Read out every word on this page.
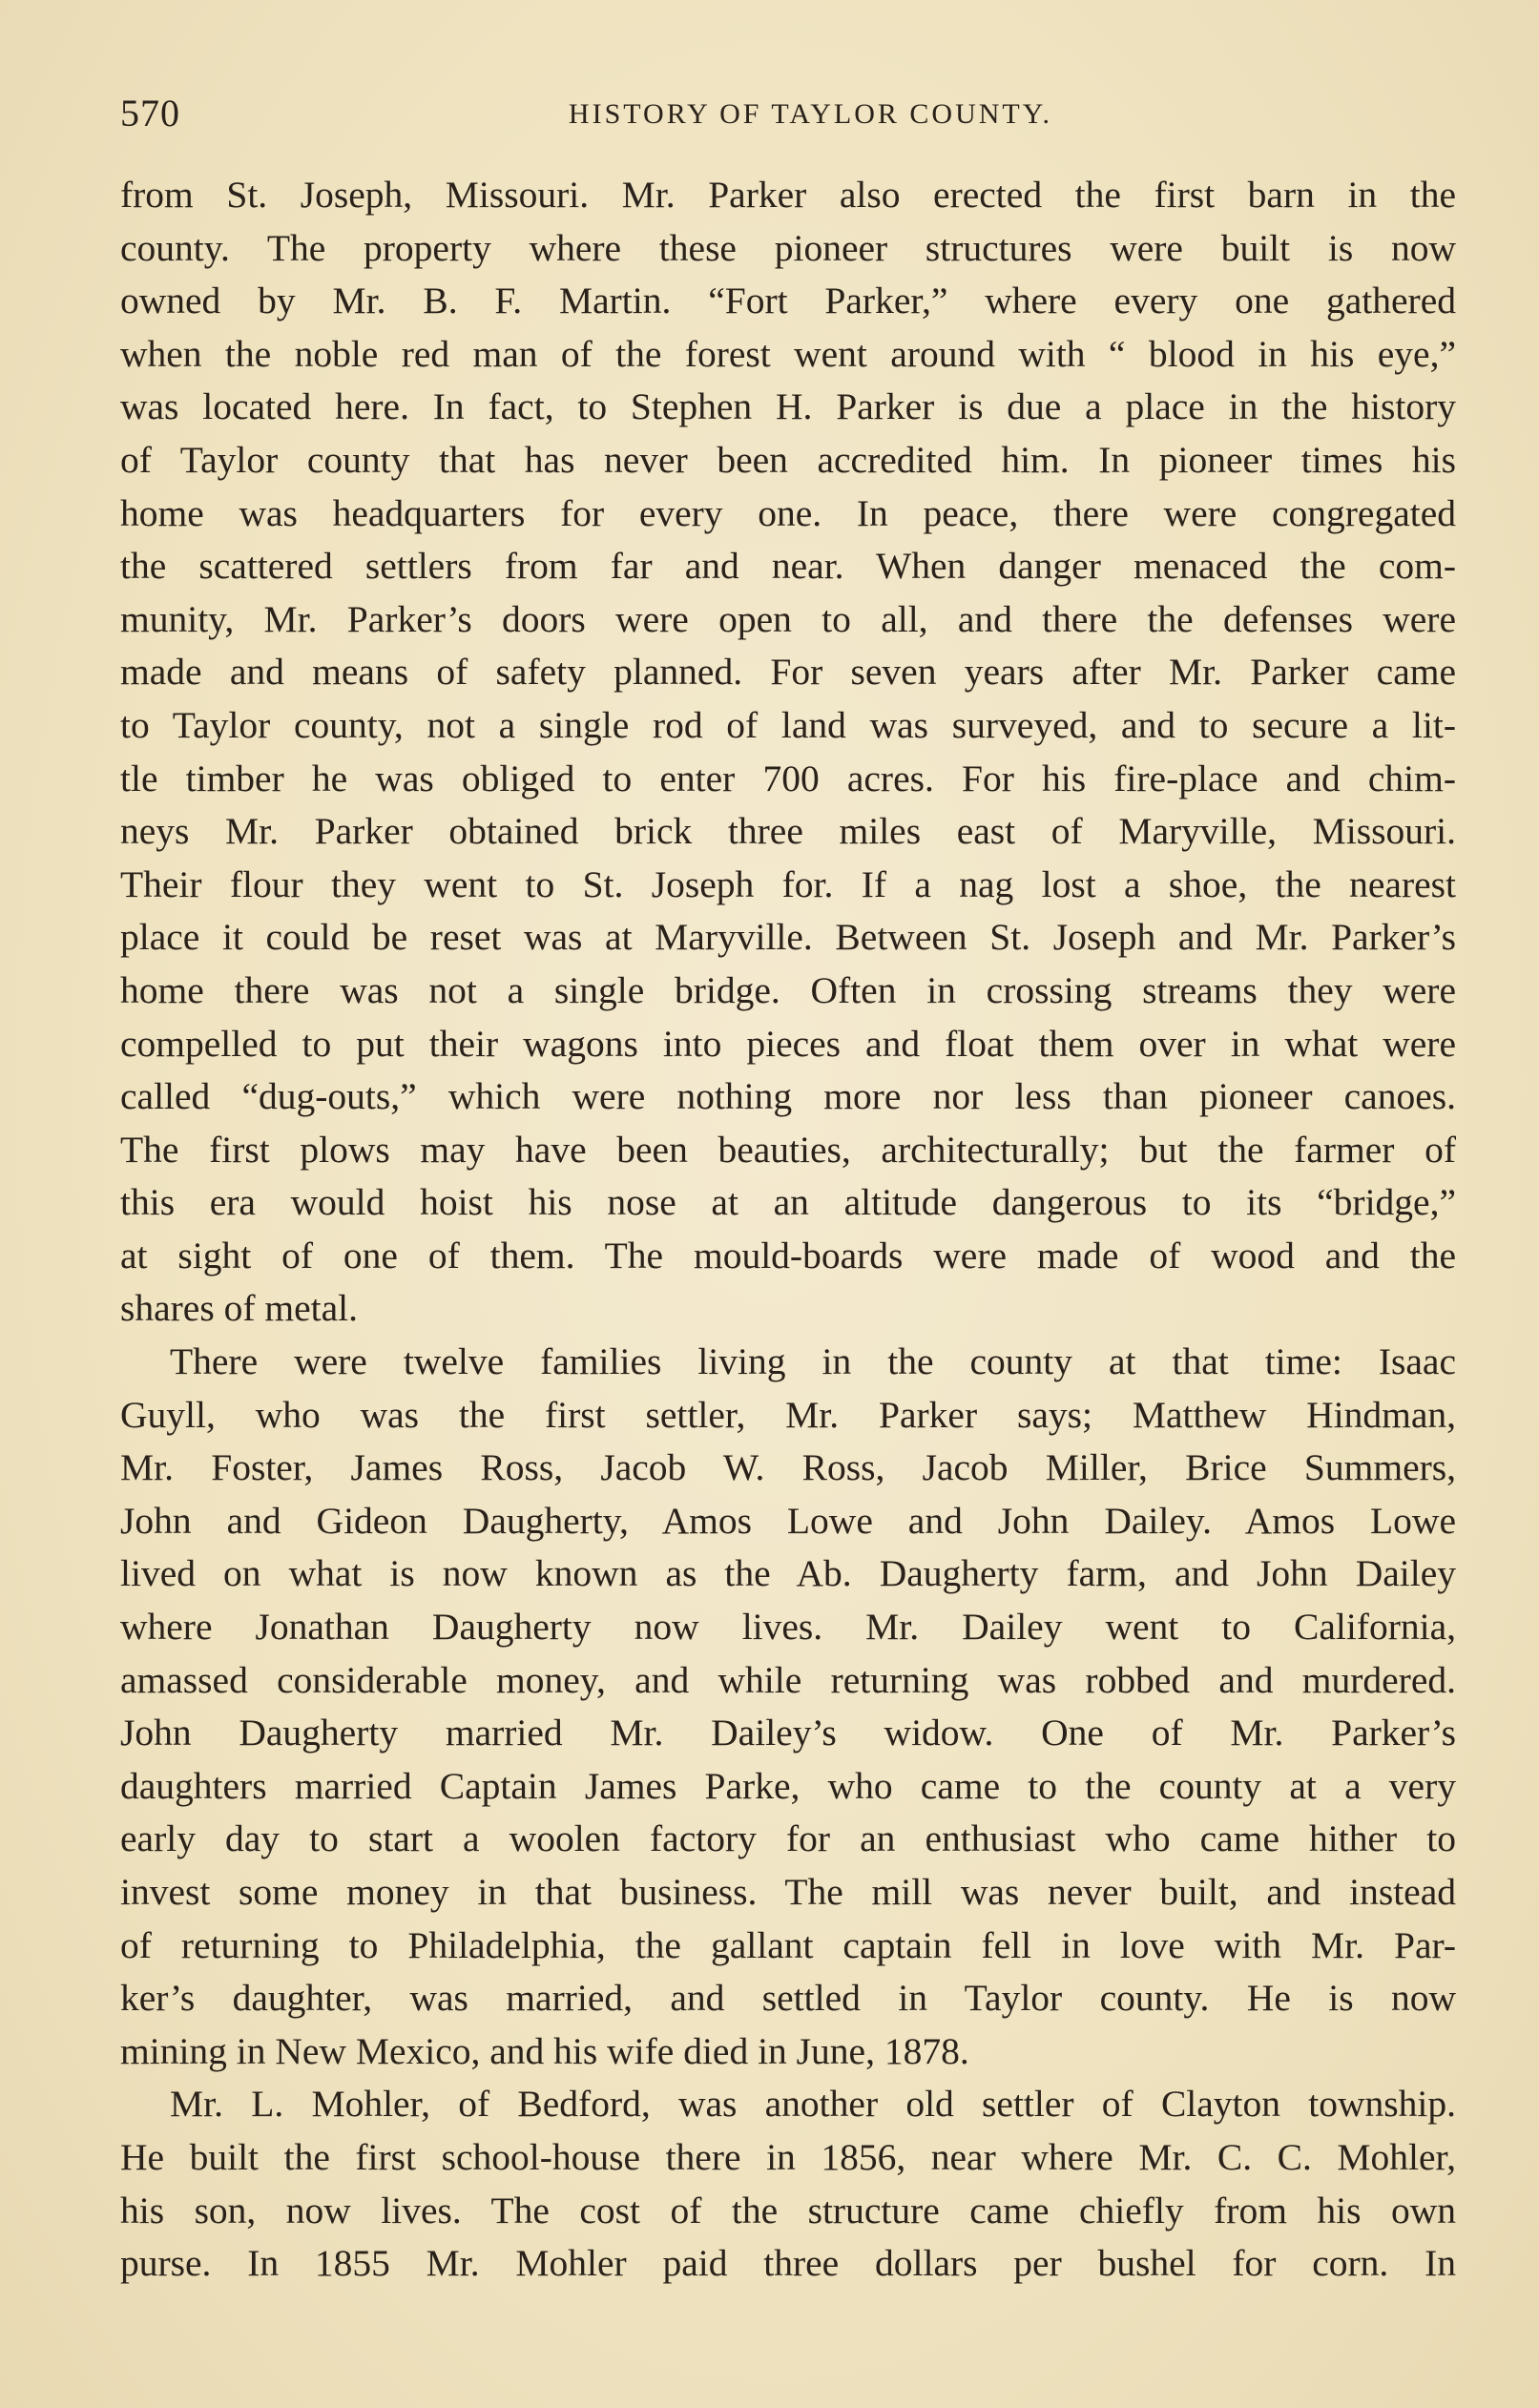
570	HISTORY OF TAYLOR COUNTY.
from St. Joseph, Missouri. Mr. Parker also erected the first barn in the
county. The property where these pioneer structures were built is now
owned by Mr. B. F. Martin. “Fort Parker,” where every one gathered
when the noble red man of the forest went around with “ blood in his eye,”
was located here. In fact, to Stephen H. Parker is due a place in the history
of Taylor county that has never been accredited him. In pioneer times his
home was headquarters for every one. In peace, there were congregated
the scattered settlers from far and near. When danger menaced the com-
munity, Mr. Parker’s doors were open to all, and there the defenses were
made and means of safety planned. For seven years after Mr. Parker came
to Taylor county, not a single rod of land was surveyed, and to secure a lit-
tle timber he was obliged to enter 700 acres. For his fire-place and chim-
neys Mr. Parker obtained brick three miles east of Maryville, Missouri.
Their flour they went to St. Joseph for. If a nag lost a shoe, the nearest
place it could be reset was at Maryville. Between St. Joseph and Mr. Parker’s
home there was not a single bridge. Often in crossing streams they were
compelled to put their wagons into pieces and float them over in what were
called “dug-outs,” which were nothing more nor less than pioneer canoes.
The first plows may have been beauties, architecturally; but the farmer of
this era would hoist his nose at an altitude dangerous to its “bridge,”
at sight of one of them. The mould-boards were made of wood and the
shares of metal.
There were twelve families living in the county at that time: Isaac
Guyll, who was the first settler, Mr. Parker says; Matthew Hindman,
Mr. Foster, James Ross, Jacob W. Ross, Jacob Miller, Brice Summers,
John and Gideon Daugherty, Amos Lowe and John Dailey. Amos Lowe
lived on what is now known as the Ab. Daugherty farm, and John Dailey
where Jonathan Daugherty now lives. Mr. Dailey went to California,
amassed considerable money, and while returning was robbed and murdered.
John Daugherty married Mr. Dailey’s widow. One of Mr. Parker’s
daughters married Captain James Parke, who came to the county at a very
early day to start a woolen factory for an enthusiast who came hither to
invest some money in that business. The mill was never built, and instead
of returning to Philadelphia, the gallant captain fell in love with Mr. Par-
ker’s daughter, was married, and settled in Taylor county. He is now
mining in New Mexico, and his wife died in June, 1878.
Mr. L. Mohler, of Bedford, was another old settler of Clayton township.
He built the first school-house there in 1856, near where Mr. C. C. Mohler,
his son, now lives. The cost of the structure came chiefly from his own
purse. In 1855 Mr. Mohler paid three dollars per bushel for corn. In
